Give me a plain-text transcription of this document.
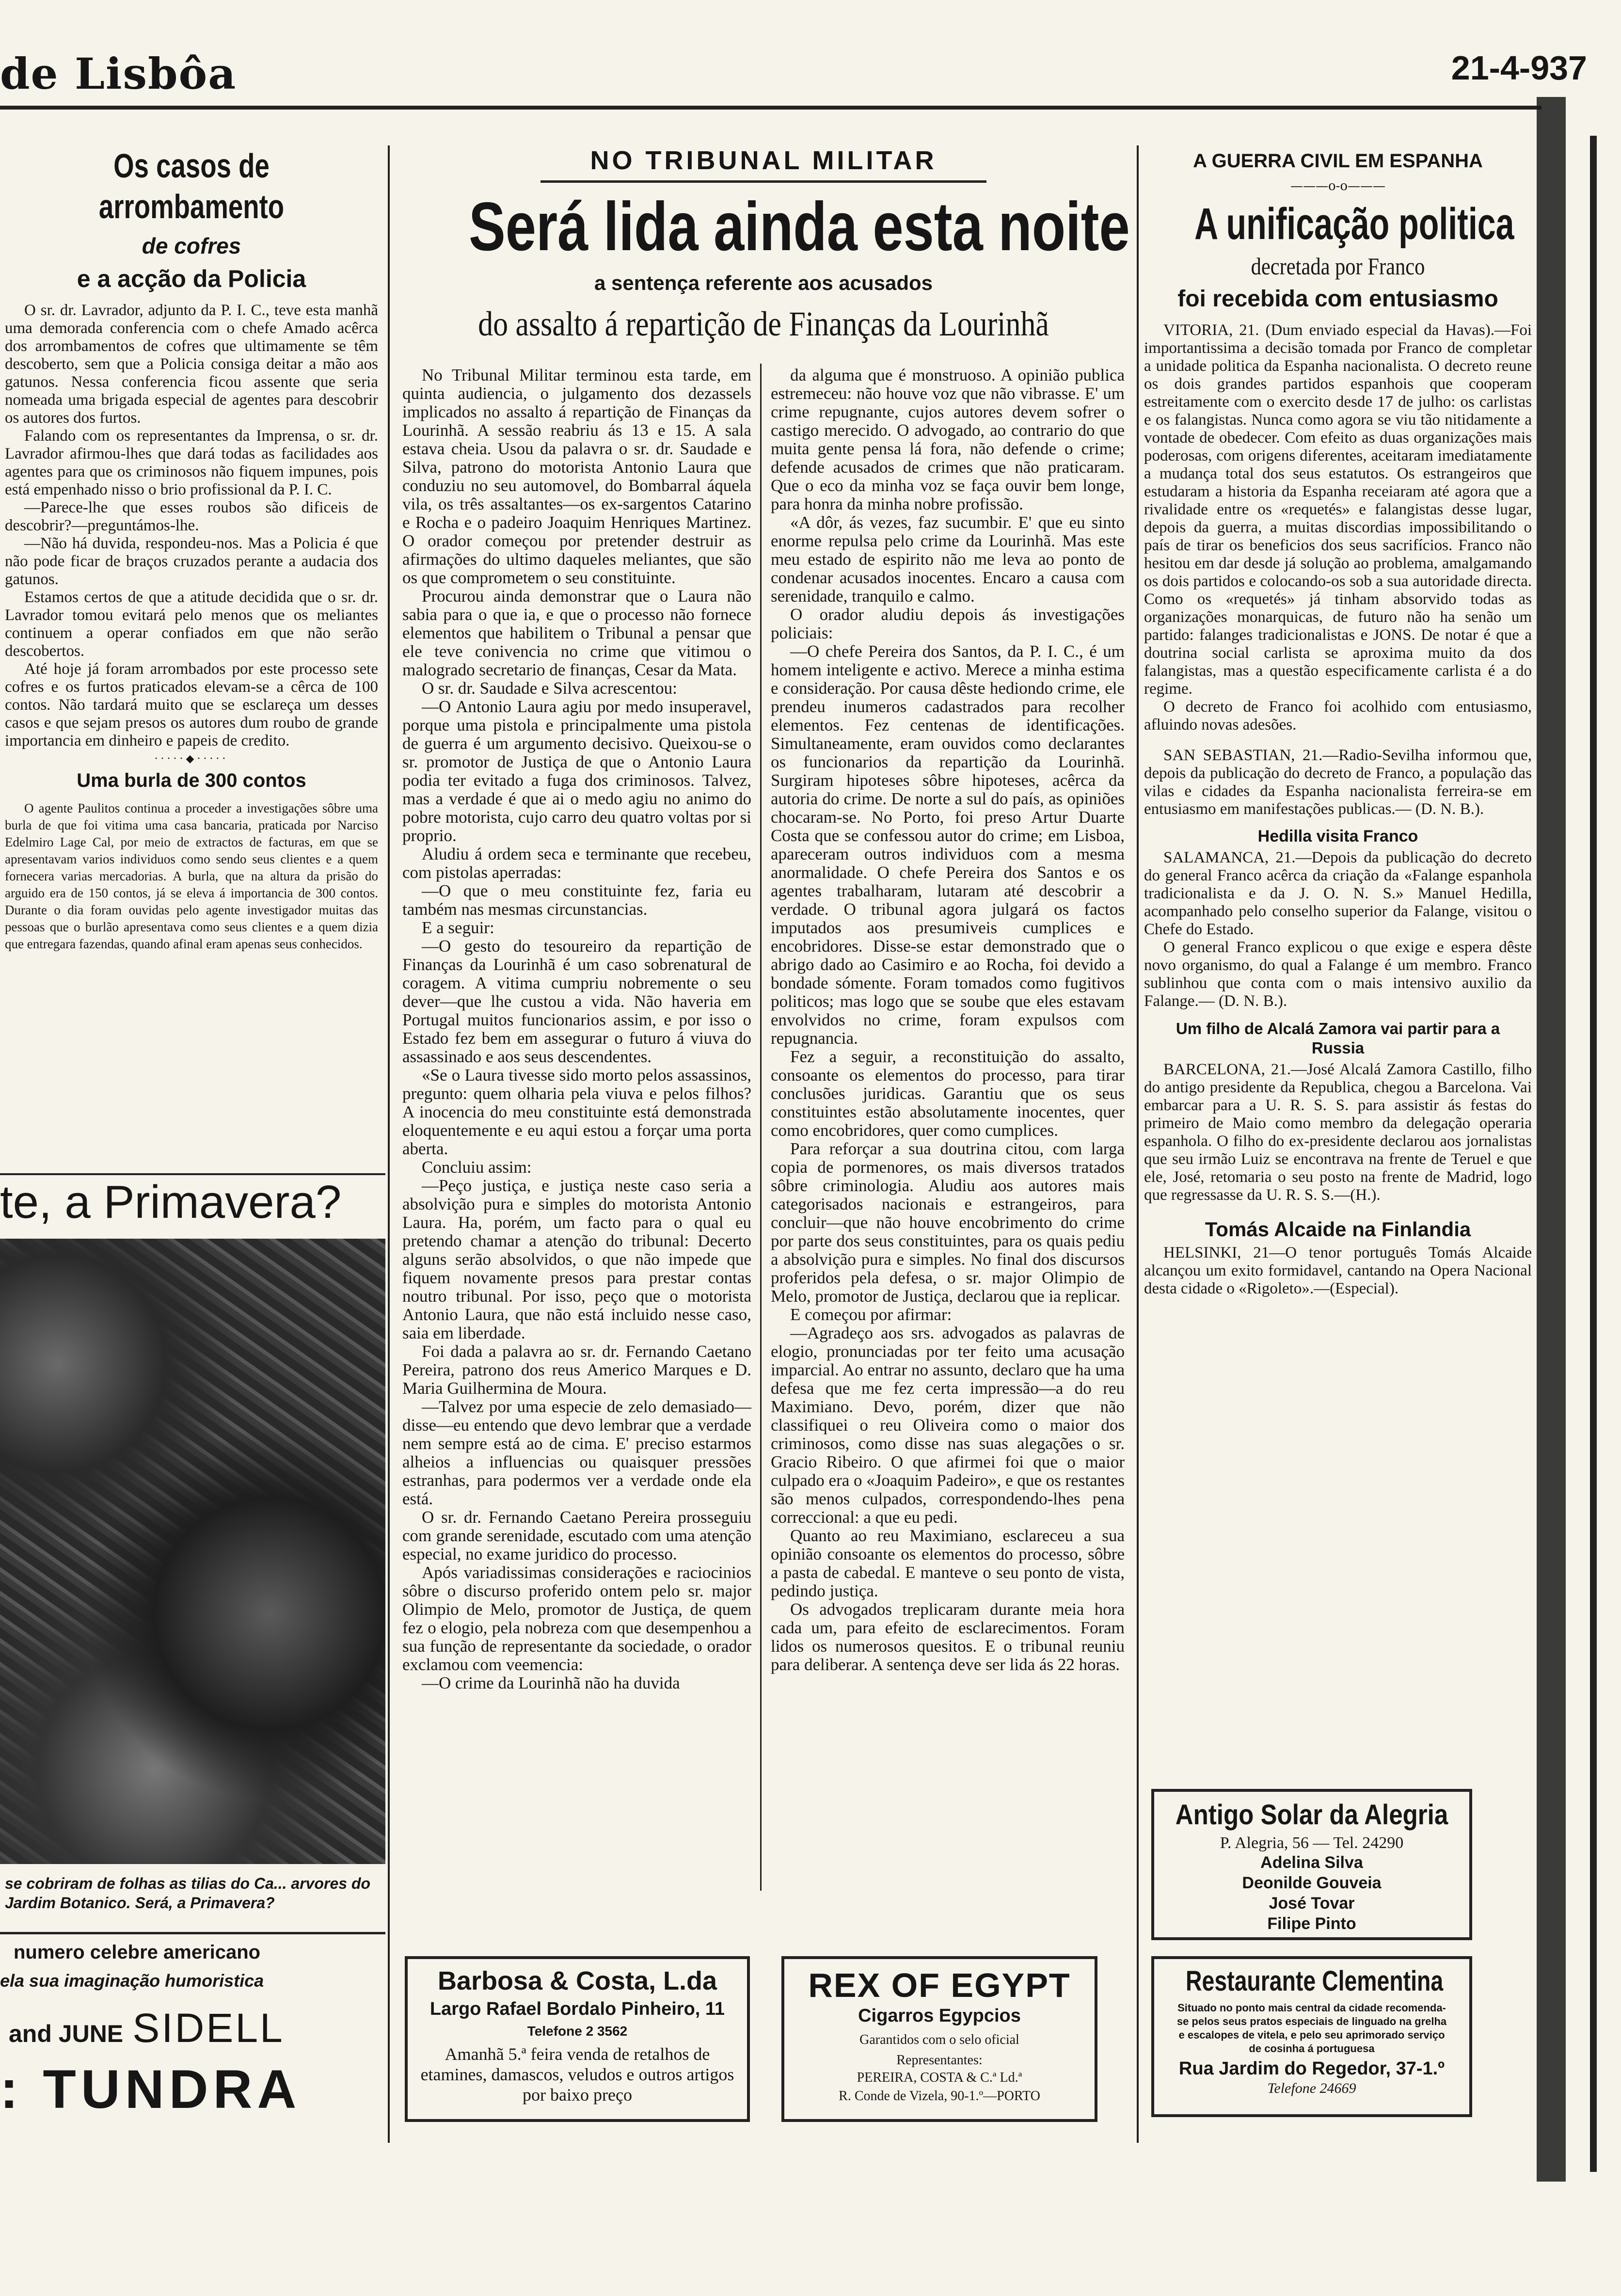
de Lisbôa	21-4-937
Os casos de arrombamento
de cofres
e a acção da Policia

O sr. dr. Lavrador, adjunto da P. I. C., teve esta manhã uma demorada conferencia com o chefe Amado acêrca dos arrombamentos de cofres que ultimamente se têm descoberto, sem que a Policia consiga deitar a mão aos gatunos. Nessa conferencia ficou assente que seria nomeada uma brigada especial de agentes para descobrir os autores dos furtos.

Falando com os representantes da Imprensa, o sr. dr. Lavrador afirmou-lhes que dará todas as facilidades aos agentes para que os criminosos não fiquem impunes, pois está empenhado nisso o brio profissional da P. I. C.

—Parece-lhe que esses roubos são dificeis de descobrir?—preguntámos-lhe.

—Não há duvida, respondeu-nos. Mas a Policia é que não pode ficar de braços cruzados perante a audacia dos gatunos.

Estamos certos de que a atitude decidida que o sr. dr. Lavrador tomou evitará pelo menos que os meliantes continuem a operar confiados em que não serão descobertos.

Até hoje já foram arrombados por este processo sete cofres e os furtos praticados elevam-se a cêrca de 100 contos. Não tardará muito que se esclareça um desses casos e que sejam presos os autores dum roubo de grande importancia em dinheiro e papeis de credito.

·····◆·····
Uma burla de 300 contos

O agente Paulitos continua a proceder a investigações sôbre uma burla de que foi vitima uma casa bancaria, praticada por Narciso Edelmiro Lage Cal, por meio de extractos de facturas, em que se apresentavam varios individuos como sendo seus clientes e a quem fornecera varias mercadorias. A burla, que na altura da prisão do arguido era de 150 contos, já se eleva á importancia de 300 contos. Durante o dia foram ouvidas pelo agente investigador muitas das pessoas que o burlão apresentava como seus clientes e a quem dizia que entregara fazendas, quando afinal eram apenas seus conhecidos.

te, a Primavera?
se cobriram de folhas as tilias do Ca... arvores do Jardim Botanico. Será, a Primavera?
numero celebre americano
ela sua imaginação humoristica
and JUNE SIDELL
: TUNDRA
NO TRIBUNAL MILITAR
Será lida ainda esta noite
a sentença referente aos acusados
do assalto á repartição de Finanças da Lourinhã

No Tribunal Militar terminou esta tarde, em quinta audiencia, o julgamento dos dezassels implicados no assalto á repartição de Finanças da Lourinhã. A sessão reabriu ás 13 e 15. A sala estava cheia. Usou da palavra o sr. dr. Saudade e Silva, patrono do motorista Antonio Laura que conduziu no seu automovel, do Bombarral áquela vila, os três assaltantes—os ex-sargentos Catarino e Rocha e o padeiro Joaquim Henriques Martinez. O orador começou por pretender destruir as afirmações do ultimo daqueles meliantes, que são os que comprometem o seu constituinte.

Procurou ainda demonstrar que o Laura não sabia para o que ia, e que o processo não fornece elementos que habilitem o Tribunal a pensar que ele teve conivencia no crime que vitimou o malogrado secretario de finanças, Cesar da Mata.

O sr. dr. Saudade e Silva acrescentou:

—O Antonio Laura agiu por medo insuperavel, porque uma pistola e principalmente uma pistola de guerra é um argumento decisivo. Queixou-se o sr. promotor de Justiça de que o Antonio Laura podia ter evitado a fuga dos criminosos. Talvez, mas a verdade é que ai o medo agiu no animo do pobre motorista, cujo carro deu quatro voltas por si proprio.

Aludiu á ordem seca e terminante que recebeu, com pistolas aperradas:

—O que o meu constituinte fez, faria eu também nas mesmas circunstancias.

E a seguir:

—O gesto do tesoureiro da repartição de Finanças da Lourinhã é um caso sobrenatural de coragem. A vitima cumpriu nobremente o seu dever—que lhe custou a vida. Não haveria em Portugal muitos funcionarios assim, e por isso o Estado fez bem em assegurar o futuro á viuva do assassinado e aos seus descendentes.

«Se o Laura tivesse sido morto pelos assassinos, pregunto: quem olharia pela viuva e pelos filhos? A inocencia do meu constituinte está demonstrada eloquentemente e eu aqui estou a forçar uma porta aberta.

Concluiu assim:

—Peço justiça, e justiça neste caso seria a absolvição pura e simples do motorista Antonio Laura. Ha, porém, um facto para o qual eu pretendo chamar a atenção do tribunal: Decerto alguns serão absolvidos, o que não impede que fiquem novamente presos para prestar contas noutro tribunal. Por isso, peço que o motorista Antonio Laura, que não está incluido nesse caso, saia em liberdade.

Foi dada a palavra ao sr. dr. Fernando Caetano Pereira, patrono dos reus Americo Marques e D. Maria Guilhermina de Moura.

—Talvez por uma especie de zelo demasiado—disse—eu entendo que devo lembrar que a verdade nem sempre está ao de cima. E' preciso estarmos alheios a influencias ou quaisquer pressões estranhas, para podermos ver a verdade onde ela está.

O sr. dr. Fernando Caetano Pereira prosseguiu com grande serenidade, escutado com uma atenção especial, no exame juridico do processo.

Após variadissimas considerações e raciocinios sôbre o discurso proferido ontem pelo sr. major Olimpio de Melo, promotor de Justiça, de quem fez o elogio, pela nobreza com que desempenhou a sua função de representante da sociedade, o orador exclamou com veemencia:

—O crime da Lourinhã não ha duvida

da alguma que é monstruoso. A opinião publica estremeceu: não houve voz que não vibrasse. E' um crime repugnante, cujos autores devem sofrer o castigo merecido. O advogado, ao contrario do que muita gente pensa lá fora, não defende o crime; defende acusados de crimes que não praticaram. Que o eco da minha voz se faça ouvir bem longe, para honra da minha nobre profissão.

«A dôr, ás vezes, faz sucumbir. E' que eu sinto enorme repulsa pelo crime da Lourinhã. Mas este meu estado de espirito não me leva ao ponto de condenar acusados inocentes. Encaro a causa com serenidade, tranquilo e calmo.

O orador aludiu depois ás investigações policiais:

—O chefe Pereira dos Santos, da P. I. C., é um homem inteligente e activo. Merece a minha estima e consideração. Por causa dêste hediondo crime, ele prendeu inumeros cadastrados para recolher elementos. Fez centenas de identificações. Simultaneamente, eram ouvidos como declarantes os funcionarios da repartição da Lourinhã. Surgiram hipoteses sôbre hipoteses, acêrca da autoria do crime. De norte a sul do país, as opiniões chocaram-se. No Porto, foi preso Artur Duarte Costa que se confessou autor do crime; em Lisboa, apareceram outros individuos com a mesma anormalidade. O chefe Pereira dos Santos e os agentes trabalharam, lutaram até descobrir a verdade. O tribunal agora julgará os factos imputados aos presumiveis cumplices e encobridores. Disse-se estar demonstrado que o abrigo dado ao Casimiro e ao Rocha, foi devido a bondade sómente. Foram tomados como fugitivos politicos; mas logo que se soube que eles estavam envolvidos no crime, foram expulsos com repugnancia.

Fez a seguir, a reconstituição do assalto, consoante os elementos do processo, para tirar conclusões juridicas. Garantiu que os seus constituintes estão absolutamente inocentes, quer como encobridores, quer como cumplices.

Para reforçar a sua doutrina citou, com larga copia de pormenores, os mais diversos tratados sôbre criminologia. Aludiu aos autores mais categorisados nacionais e estrangeiros, para concluir—que não houve encobrimento do crime por parte dos seus constituintes, para os quais pediu a absolvição pura e simples. No final dos discursos proferidos pela defesa, o sr. major Olimpio de Melo, promotor de Justiça, declarou que ia replicar.

E começou por afirmar:

—Agradeço aos srs. advogados as palavras de elogio, pronunciadas por ter feito uma acusação imparcial. Ao entrar no assunto, declaro que ha uma defesa que me fez certa impressão—a do reu Maximiano. Devo, porém, dizer que não classifiquei o reu Oliveira como o maior dos criminosos, como disse nas suas alegações o sr. Gracio Ribeiro. O que afirmei foi que o maior culpado era o «Joaquim Padeiro», e que os restantes são menos culpados, correspondendo-lhes pena correccional: a que eu pedi.

Quanto ao reu Maximiano, esclareceu a sua opinião consoante os elementos do processo, sôbre a pasta de cabedal. E manteve o seu ponto de vista, pedindo justiça.

Os advogados treplicaram durante meia hora cada um, para efeito de esclarecimentos. Foram lidos os numerosos quesitos. E o tribunal reuniu para deliberar. A sentença deve ser lida ás 22 horas.

Barbosa & Costa, L.da
Largo Rafael Bordalo Pinheiro, 11
Telefone 2 3562
Amanhã 5.ª feira venda de retalhos de etamines, damascos, veludos e outros artigos por baixo preço
REX OF EGYPT
Cigarros Egypcios
Garantidos com o selo oficial
Representantes:
PEREIRA, COSTA & C.ª Ld.ª
R. Conde de Vizela, 90-1.º—PORTO
A GUERRA CIVIL EM ESPANHA
———o-o———
A unificação politica
decretada por Franco
foi recebida com entusiasmo

VITORIA, 21. (Dum enviado especial da Havas).—Foi importantissima a decisão tomada por Franco de completar a unidade politica da Espanha nacionalista. O decreto reune os dois grandes partidos espanhois que cooperam estreitamente com o exercito desde 17 de julho: os carlistas e os falangistas. Nunca como agora se viu tão nitidamente a vontade de obedecer. Com efeito as duas organizações mais poderosas, com origens diferentes, aceitaram imediatamente a mudança total dos seus estatutos. Os estrangeiros que estudaram a historia da Espanha receiaram até agora que a rivalidade entre os «requetés» e falangistas desse lugar, depois da guerra, a muitas discordias impossibilitando o país de tirar os beneficios dos seus sacrifícios. Franco não hesitou em dar desde já solução ao problema, amalgamando os dois partidos e colocando-os sob a sua autoridade directa. Como os «requetés» já tinham absorvido todas as organizações monarquicas, de futuro não ha senão um partido: falanges tradicionalistas e JONS. De notar é que a doutrina social carlista se aproxima muito da dos falangistas, mas a questão especificamente carlista é a do regime.

O decreto de Franco foi acolhido com entusiasmo, afluindo novas adesões.

SAN SEBASTIAN, 21.—Radio-Sevilha informou que, depois da publicação do decreto de Franco, a população das vilas e cidades da Espanha nacionalista ferreira-se em entusiasmo em manifestações publicas.— (D. N. B.).

Hedilla visita Franco

SALAMANCA, 21.—Depois da publicação do decreto do general Franco acêrca da criação da «Falange espanhola tradicionalista e da J. O. N. S.» Manuel Hedilla, acompanhado pelo conselho superior da Falange, visitou o Chefe do Estado.

O general Franco explicou o que exige e espera dêste novo organismo, do qual a Falange é um membro. Franco sublinhou que conta com o mais intensivo auxilio da Falange.— (D. N. B.).

Um filho de Alcalá Zamora vai partir para a Russia

BARCELONA, 21.—José Alcalá Zamora Castillo, filho do antigo presidente da Republica, chegou a Barcelona. Vai embarcar para a U. R. S. S. para assistir ás festas do primeiro de Maio como membro da delegação operaria espanhola. O filho do ex-presidente declarou aos jornalistas que seu irmão Luiz se encontrava na frente de Teruel e que ele, José, retomaria o seu posto na frente de Madrid, logo que regressasse da U. R. S. S.—(H.).

Tomás Alcaide na Finlandia

HELSINKI, 21—O tenor português Tomás Alcaide alcançou um exito formidavel, cantando na Opera Nacional desta cidade o «Rigoleto».—(Especial).

Antigo Solar da Alegria
P. Alegria, 56 — Tel. 24290
Adelina Silva
Deonilde Gouveia
José Tovar
Filipe Pinto
Restaurante Clementina
Situado no ponto mais central da cidade recomenda-se pelos seus pratos especiais de linguado na grelha e escalopes de vitela, e pelo seu aprimorado serviço de cosinha á portuguesa
Rua Jardim do Regedor, 37-1.º
Telefone 24669
